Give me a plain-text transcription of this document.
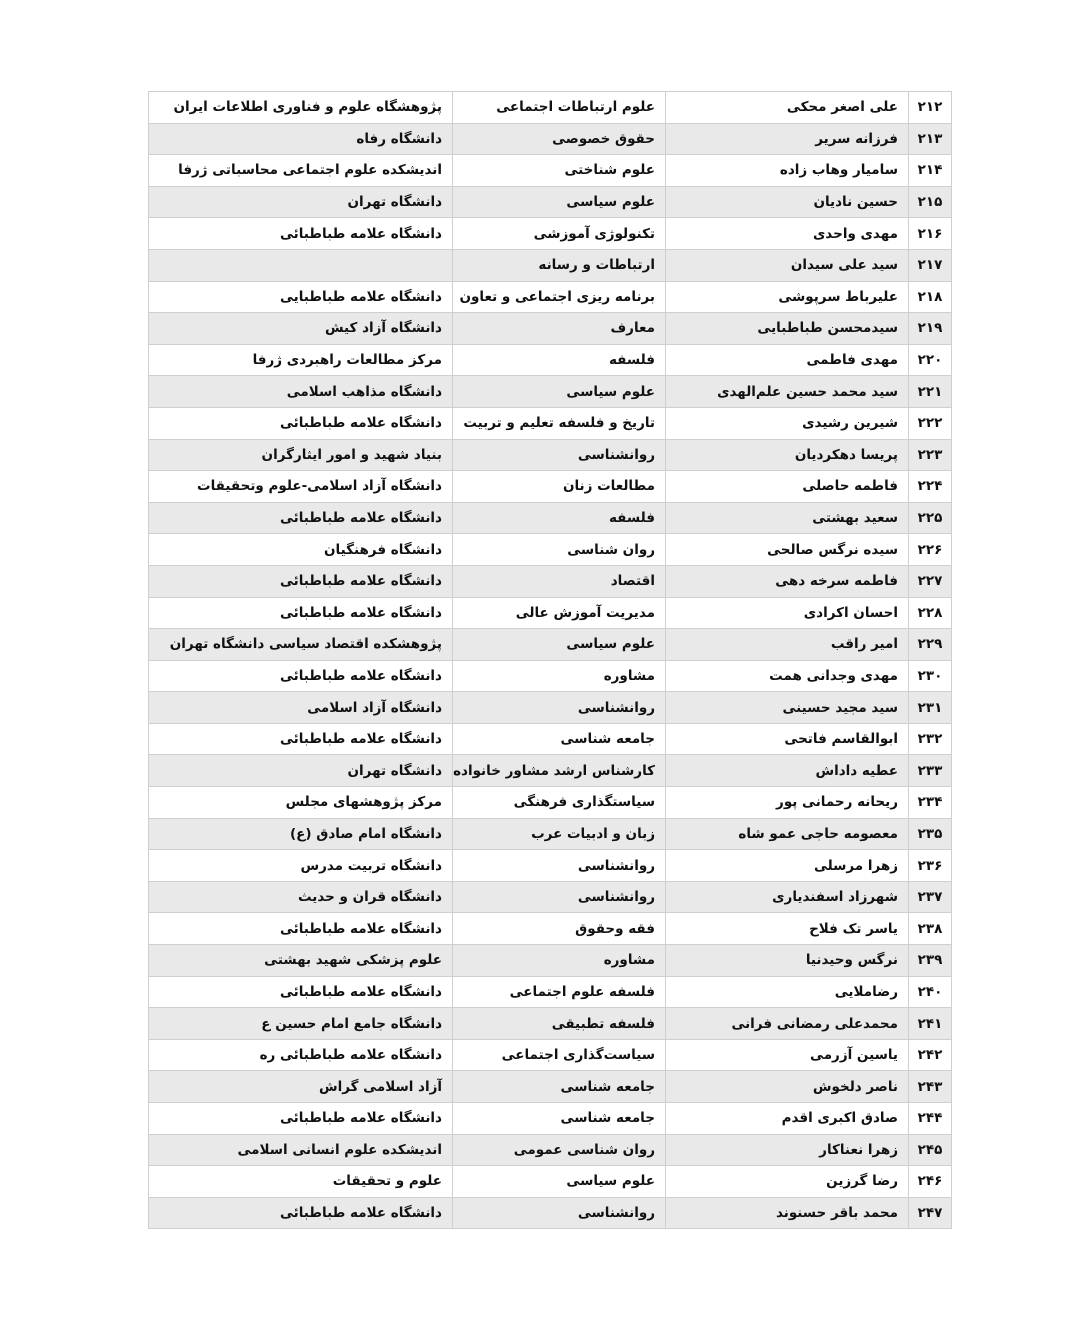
۲۱۲	علی اصغر محکی	علوم ارتباطات اجتماعی	پژوهشگاه علوم و فناوری اطلاعات ایران
۲۱۳	فرزانه سریر	حقوق خصوصی	دانشگاه رفاه
۲۱۴	سامیار وهاب زاده	علوم شناختی	اندیشکده علوم اجتماعی محاسباتی ژرفا
۲۱۵	حسین نادیان	علوم سیاسی	دانشگاه تهران
۲۱۶	مهدی واحدی	تکنولوژی آموزشی	دانشگاه علامه طباطبائی
۲۱۷	سید علی سیدان	ارتباطات و رسانه	
۲۱۸	علیرباط سرپوشی	برنامه ریزی اجتماعی و تعاون	دانشگاه علامه طباطبایی
۲۱۹	سیدمحسن طباطبایی	معارف	دانشگاه آزاد کیش
۲۲۰	مهدی فاطمی	فلسفه	مرکز مطالعات راهبردی ژرفا
۲۲۱	سید محمد حسین علم‌الهدی	علوم سیاسی	دانشگاه مذاهب اسلامی
۲۲۲	شیرین رشیدی	تاریخ و فلسفه تعلیم و تربیت	دانشگاه علامه طباطبائی
۲۲۳	پریسا دهکردیان	روانشناسی	بنیاد شهید و امور ایثارگران
۲۲۴	فاطمه حاصلی	مطالعات زنان	دانشگاه آزاد اسلامی-علوم وتحقیقات
۲۲۵	سعید بهشتی	فلسفه	دانشگاه علامه طباطبائی
۲۲۶	سیده نرگس صالحی	روان شناسی	دانشگاه فرهنگیان
۲۲۷	فاطمه سرخه دهی	اقتصاد	دانشگاه علامه طباطبائی
۲۲۸	احسان اکرادی	مدیریت آموزش عالی	دانشگاه علامه طباطبائی
۲۲۹	امیر راقب	علوم سیاسی	پژوهشکده اقتصاد سیاسی دانشگاه تهران
۲۳۰	مهدی وجدانی همت	مشاوره	دانشگاه علامه طباطبائی
۲۳۱	سید مجید حسینی	روانشناسی	دانشگاه آزاد اسلامی
۲۳۲	ابوالقاسم فاتحی	جامعه شناسی	دانشگاه علامه طباطبائی
۲۳۳	عطیه داداش	کارشناس ارشد مشاور خانواده	دانشگاه تهران
۲۳۴	ریحانه رحمانی پور	سیاستگذاری فرهنگی	مرکز پژوهشهای مجلس
۲۳۵	معصومه حاجی عمو شاه	زبان و ادبیات عرب	دانشگاه امام صادق (ع)
۲۳۶	زهرا مرسلی	روانشناسی	دانشگاه تربیت مدرس
۲۳۷	شهرزاد اسفندیاری	روانشناسی	دانشگاه قران و حدیث
۲۳۸	یاسر تک فلاح	فقه وحقوق	دانشگاه علامه طباطبائی
۲۳۹	نرگس وحیدنیا	مشاوره	علوم پزشکی شهید بهشتی
۲۴۰	رضاملایی	فلسفه علوم اجتماعی	دانشگاه علامه طباطبائی
۲۴۱	محمدعلی رمضانی فرانی	فلسفه تطبیقی	دانشگاه جامع امام حسین ع
۲۴۲	یاسین آزرمی	سیاست‌گذاری اجتماعی	دانشگاه علامه طباطبائی ره
۲۴۳	ناصر دلخوش	جامعه شناسی	آزاد اسلامی گراش
۲۴۴	صادق اکبری اقدم	جامعه شناسی	دانشگاه علامه طباطبائی
۲۴۵	زهرا نعناکار	روان شناسی عمومی	اندیشکده علوم انسانی اسلامی
۲۴۶	رضا گرزین	علوم سیاسی	علوم و تحقیقات
۲۴۷	محمد باقر حسنوند	روانشناسی	دانشگاه علامه طباطبائی
